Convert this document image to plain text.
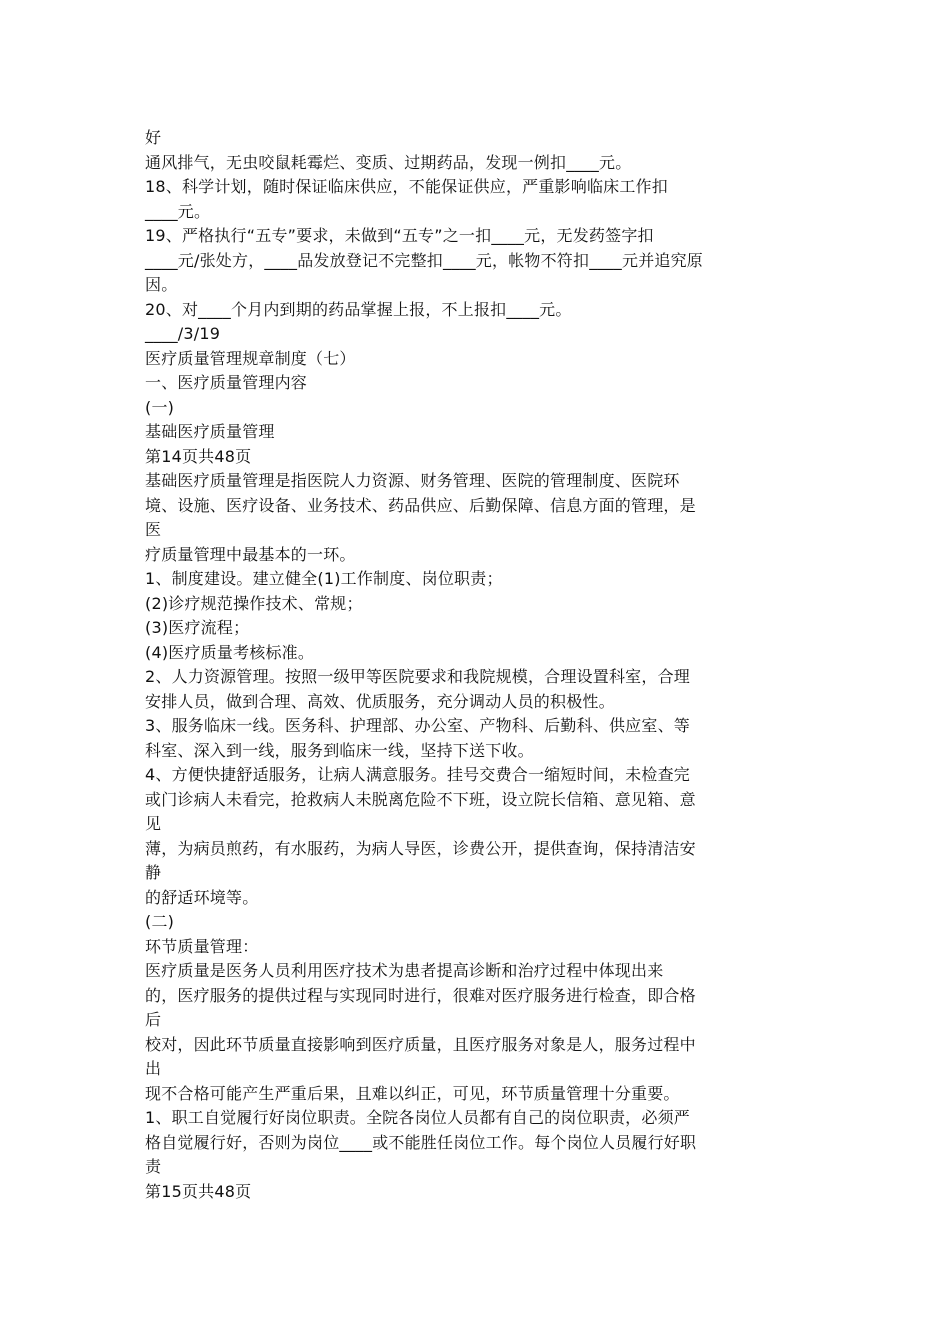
好
通风排气，无虫咬鼠耗霉烂、变质、过期药品，发现一例扣____元。
18、科学计划，随时保证临床供应，不能保证供应，严重影响临床工作扣
____元。
19、严格执行“五专”要求，未做到“五专”之一扣____元，无发药签字扣
____元/张处方，____品发放登记不完整扣____元，帐物不符扣____元并追究原
因。
20、对____个月内到期的药品掌握上报，不上报扣____元。
____/3/19
医疗质量管理规章制度（七）
一、医疗质量管理内容
(一)
基础医疗质量管理
第14页共48页
基础医疗质量管理是指医院人力资源、财务管理、医院的管理制度、医院环
境、设施、医疗设备、业务技术、药品供应、后勤保障、信息方面的管理，是
医
疗质量管理中最基本的一环。
1、制度建设。建立健全(1)工作制度、岗位职责；
(2)诊疗规范操作技术、常规；
(3)医疗流程；
(4)医疗质量考核标准。
2、人力资源管理。按照一级甲等医院要求和我院规模，合理设置科室，合理
安排人员，做到合理、高效、优质服务，充分调动人员的积极性。
3、服务临床一线。医务科、护理部、办公室、产物科、后勤科、供应室、等
科室、深入到一线，服务到临床一线，坚持下送下收。
4、方便快捷舒适服务，让病人满意服务。挂号交费合一缩短时间，未检查完
或门诊病人未看完，抢救病人未脱离危险不下班，设立院长信箱、意见箱、意
见
薄，为病员煎药，有水服药，为病人导医，诊费公开，提供查询，保持清洁安
静
的舒适环境等。
(二)
环节质量管理：
医疗质量是医务人员利用医疗技术为患者提高诊断和治疗过程中体现出来
的，医疗服务的提供过程与实现同时进行，很难对医疗服务进行检查，即合格
后
校对，因此环节质量直接影响到医疗质量，且医疗服务对象是人，服务过程中
出
现不合格可能产生严重后果，且难以纠正，可见，环节质量管理十分重要。
1、职工自觉履行好岗位职责。全院各岗位人员都有自己的岗位职责，必须严
格自觉履行好，否则为岗位____或不能胜任岗位工作。每个岗位人员履行好职
责
第15页共48页
